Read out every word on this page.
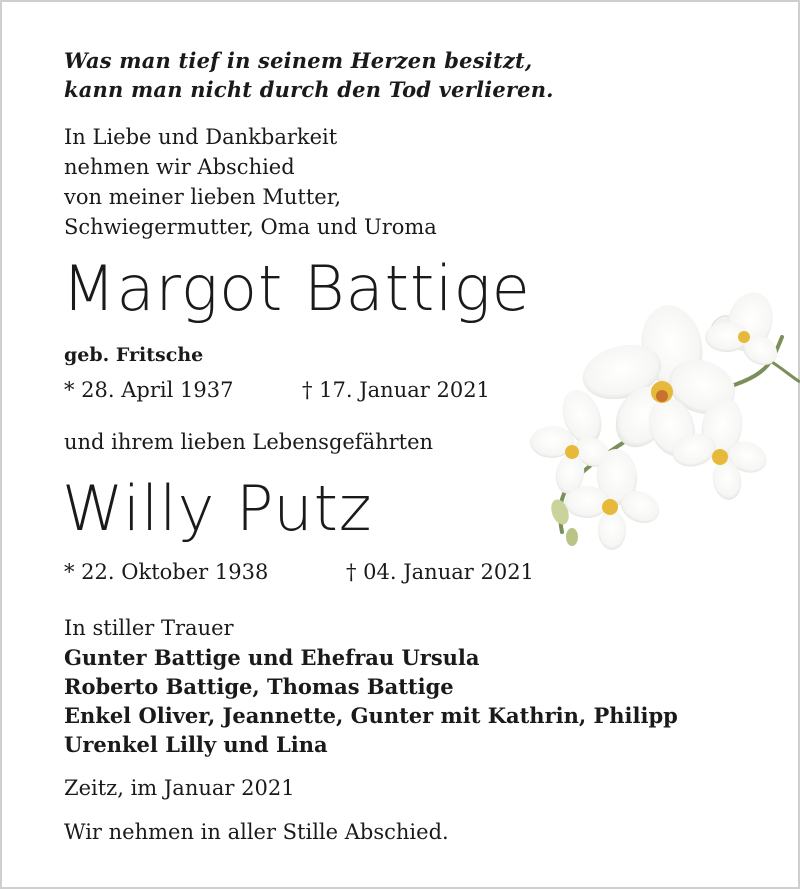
Was man tief in seinem Herzen besitzt,
kann man nicht durch den Tod verlieren.
In Liebe und Dankbarkeit
nehmen wir Abschied
von meiner lieben Mutter,
Schwiegermutter, Oma und Uroma
Margot Battige
geb. Fritsche
* 28. April 1937	† 17. Januar 2021
und ihrem lieben Lebensgefährten
Willy Putz
* 22. Oktober 1938	† 04. Januar 2021
In stiller Trauer
Gunter Battige und Ehefrau Ursula
Roberto Battige, Thomas Battige
Enkel Oliver, Jeannette, Gunter mit Kathrin, Philipp
Urenkel Lilly und Lina
Zeitz, im Januar 2021
Wir nehmen in aller Stille Abschied.
